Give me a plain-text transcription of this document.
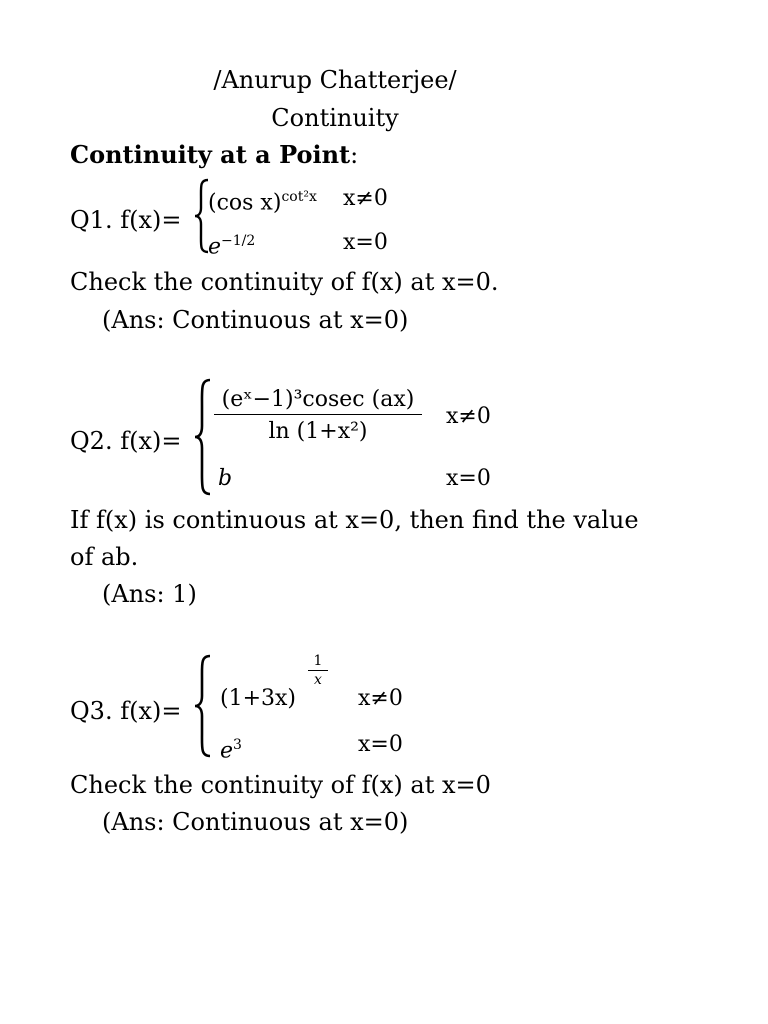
/Anurup Chatterjee/
Continuity
Continuity at a Point:
Q1. f(x)=
(cos x)$^{cot^2x}$ x≠0
$e^{-1/2}$	x=0
Check the continuity of f(x) at x=0.
(Ans: Continuous at x=0)
Q2. f(x)=
(eˣ−1)³cosec (ax)
ln (1+x²)
x≠0
b	x=0
If f(x) is continuous at x=0, then find the value
of ab.
(Ans: 1)
Q3. f(x)= (1+3x)
1
x
x≠0
$e^3$	x=0
Check the continuity of f(x) at x=0
(Ans: Continuous at x=0)
